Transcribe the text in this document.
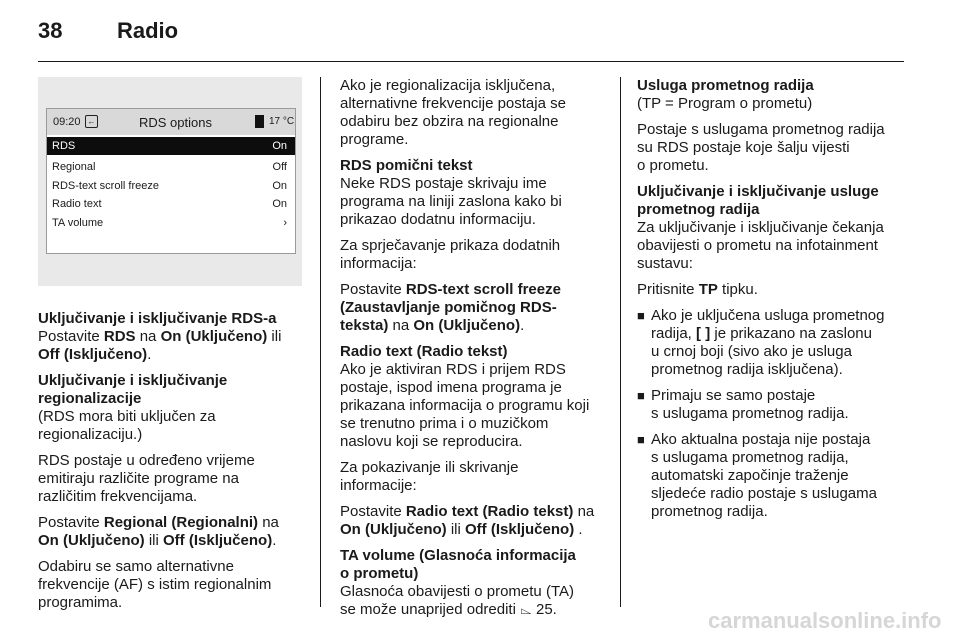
38 Radio
09:20 ←	RDS options	17 °C
RDS	On
Regional	Off
RDS-text scroll freeze	On
Radio text	On
TA volume	›

Uključivanje i isključivanje RDS-a

Postavite RDS na On (Uključeno) ili
Off (Isključeno).

Uključivanje i isključivanje
regionalizacije

(RDS mora biti uključen za
regionalizaciju.)

RDS postaje u određeno vrijeme
emitiraju različite programe na
različitim frekvencijama.

Postavite Regional (Regionalni) na
On (Uključeno) ili Off (Isključeno).

Odabiru se samo alternativne
frekvencije (AF) s istim regionalnim
programima.

Ako je regionalizacija isključena,
alternativne frekvencije postaja se
odabiru bez obzira na regionalne
programe.

RDS pomični tekst

Neke RDS postaje skrivaju ime
programa na liniji zaslona kako bi
prikazao dodatnu informaciju.

Za sprječavanje prikaza dodatnih
informacija:

Postavite RDS-text scroll freeze
(Zaustavljanje pomičnog RDS-
teksta) na On (Uključeno).

Radio text (Radio tekst)

Ako je aktiviran RDS i prijem RDS
postaje, ispod imena programa je
prikazana informacija o programu koji
se trenutno prima i o muzičkom
naslovu koji se reproducira.

Za pokazivanje ili skrivanje
informacije:

Postavite Radio text (Radio tekst) na
On (Uključeno) ili Off (Isključeno) .

TA volume (Glasnoća informacija
o prometu)

Glasnoća obavijesti o prometu (TA)
se može unaprijed odrediti ⌳ 25.

Usluga prometnog radija

(TP = Program o prometu)

Postaje s uslugama prometnog radija
su RDS postaje koje šalju vijesti
o prometu.

Uključivanje i isključivanje usluge
prometnog radija

Za uključivanje i isključivanje čekanja
obavijesti o prometu na infotainment
sustavu:

Pritisnite TP tipku.

■ Ako je uključena usluga prometnog
radija, [ ] je prikazano na zaslonu
u crnoj boji (sivo ako je usluga
prometnog radija isključena).
■ Primaju se samo postaje
s uslugama prometnog radija.
■ Ako aktualna postaja nije postaja
s uslugama prometnog radija,
automatski započinje traženje
sljedeće radio postaje s uslugama
prometnog radija.
carmanualsonline.info
